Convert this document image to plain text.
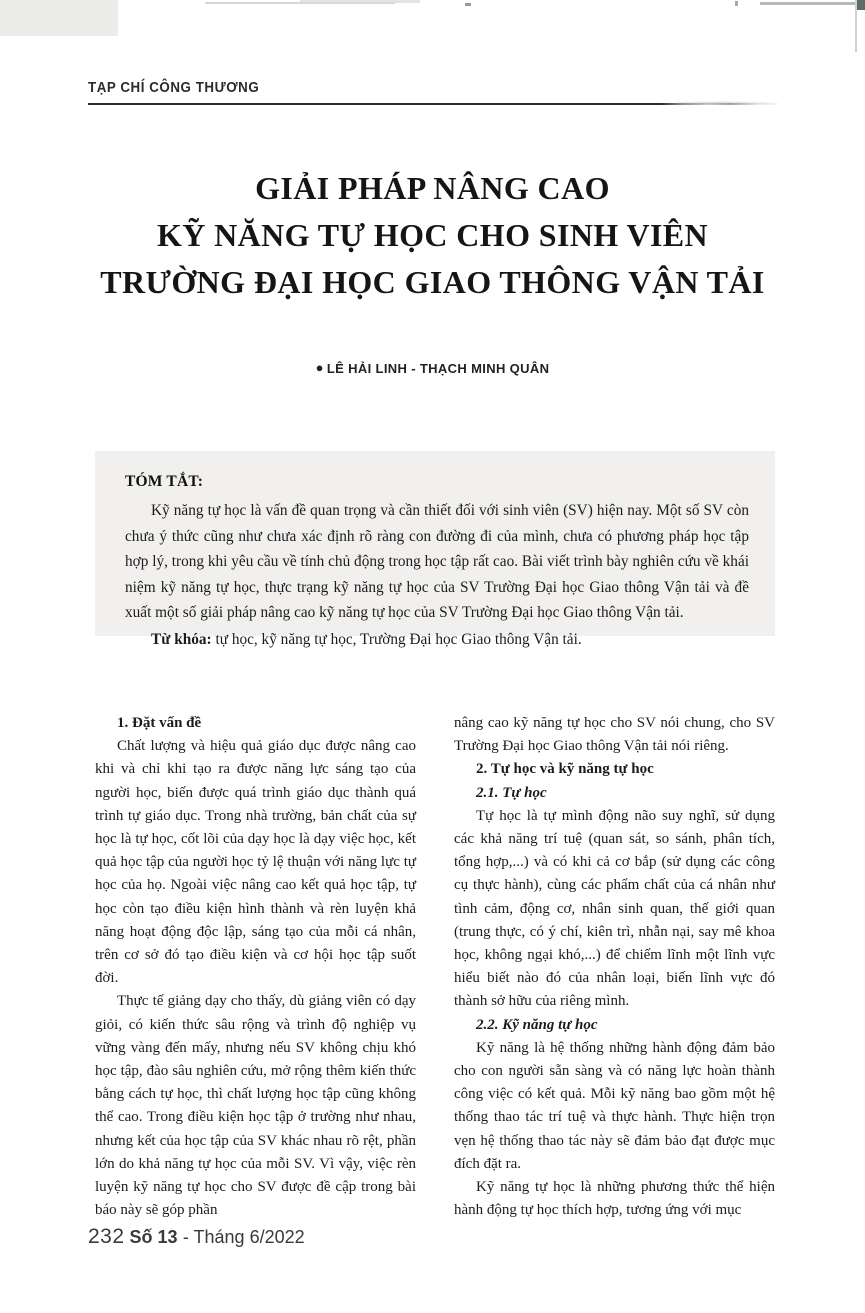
TẠP CHÍ CÔNG THƯƠNG
GIẢI PHÁP NÂNG CAO
KỸ NĂNG TỰ HỌC CHO SINH VIÊN
TRƯỜNG ĐẠI HỌC GIAO THÔNG VẬN TẢI
● LÊ HẢI LINH - THẠCH MINH QUÂN
TÓM TẮT:
Kỹ năng tự học là vấn đề quan trọng và cần thiết đối với sinh viên (SV) hiện nay. Một số SV còn chưa ý thức cũng như chưa xác định rõ ràng con đường đi của mình, chưa có phương pháp học tập hợp lý, trong khi yêu cầu về tính chủ động trong học tập rất cao. Bài viết trình bày nghiên cứu về khái niệm kỹ năng tự học, thực trạng kỹ năng tự học của SV Trường Đại học Giao thông Vận tải và đề xuất một số giải pháp nâng cao kỹ năng tự học của SV Trường Đại học Giao thông Vận tải.
Từ khóa: tự học, kỹ năng tự học, Trường Đại học Giao thông Vận tải.
1. Đặt vấn đề

Chất lượng và hiệu quả giáo dục được nâng cao khi và chỉ khi tạo ra được năng lực sáng tạo của người học, biến được quá trình giáo dục thành quá trình tự giáo dục. Trong nhà trường, bản chất của sự học là tự học, cốt lõi của dạy học là dạy việc học, kết quả học tập của người học tỷ lệ thuận với năng lực tự học của họ. Ngoài việc nâng cao kết quả học tập, tự học còn tạo điều kiện hình thành và rèn luyện khả năng hoạt động độc lập, sáng tạo của mỗi cá nhân, trên cơ sở đó tạo điều kiện và cơ hội học tập suốt đời.

Thực tế giảng dạy cho thấy, dù giảng viên có dạy giỏi, có kiến thức sâu rộng và trình độ nghiệp vụ vững vàng đến mấy, nhưng nếu SV không chịu khó học tập, đào sâu nghiên cứu, mở rộng thêm kiến thức bằng cách tự học, thì chất lượng học tập cũng không thể cao. Trong điều kiện học tập ở trường như nhau, nhưng kết của học tập của SV khác nhau rõ rệt, phần lớn do khả năng tự học của mỗi SV. Vì vậy, việc rèn luyện kỹ năng tự học cho SV được đề cập trong bài báo này sẽ góp phần

nâng cao kỹ năng tự học cho SV nói chung, cho SV Trường Đại học Giao thông Vận tải nói riêng.

2. Tự học và kỹ năng tự học
2.1. Tự học

Tự học là tự mình động não suy nghĩ, sử dụng các khả năng trí tuệ (quan sát, so sánh, phân tích, tổng hợp,...) và có khi cả cơ bắp (sử dụng các công cụ thực hành), cùng các phẩm chất của cá nhân như tình cảm, động cơ, nhân sinh quan, thế giới quan (trung thực, có ý chí, kiên trì, nhẫn nại, say mê khoa học, không ngại khó,...) để chiếm lĩnh một lĩnh vực hiểu biết nào đó của nhân loại, biến lĩnh vực đó thành sở hữu của riêng mình.

2.2. Kỹ năng tự học

Kỹ năng là hệ thống những hành động đảm bảo cho con người sẵn sàng và có năng lực hoàn thành công việc có kết quả. Mỗi kỹ năng bao gồm một hệ thống thao tác trí tuệ và thực hành. Thực hiện trọn vẹn hệ thống thao tác này sẽ đảm bảo đạt được mục đích đặt ra.

Kỹ năng tự học là những phương thức thể hiện hành động tự học thích hợp, tương ứng với mục

232 Số 13 - Tháng 6/2022
